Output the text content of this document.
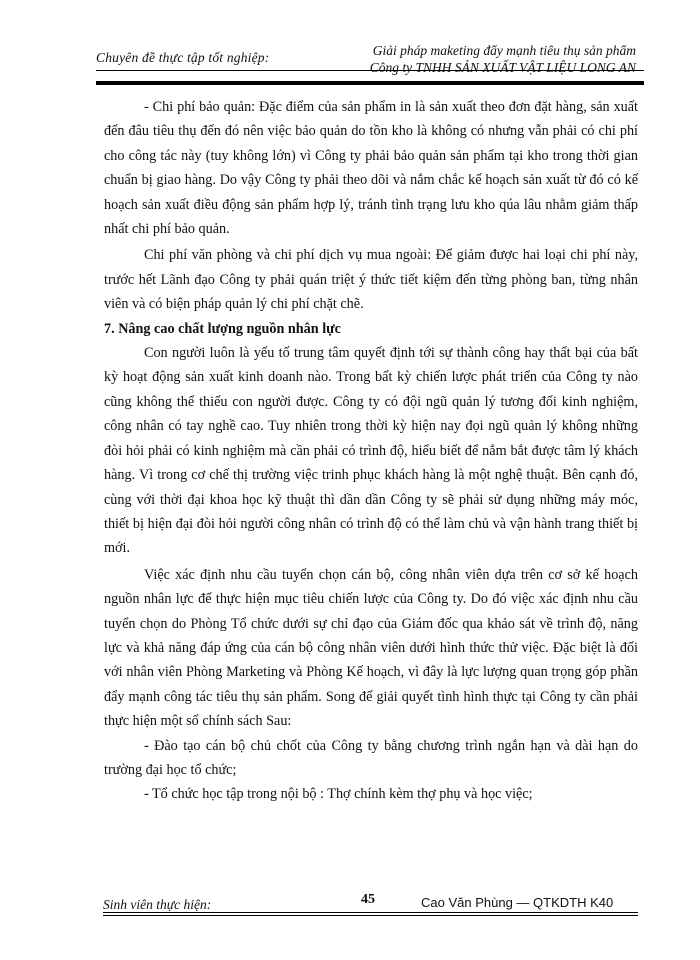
Chuyên đề thực tập tốt nghiệp:	Giải pháp maketing đẩy mạnh tiêu thụ sản phẩm
Công ty TNHH SẢN XUẤT VẬT LIỆU LONG AN

- Chi phí bảo quản: Đặc điểm của sản phẩm in là sản xuất theo đơn đặt hàng, sản xuất đến đâu tiêu thụ đến đó nên việc bảo quản do tồn kho là không có nhưng vẫn phải có chi phí cho công tác này (tuy không lớn) vì Công ty phải bảo quản sản phẩm tại kho trong thời gian chuẩn bị giao hàng. Do vậy Công ty phải theo dõi và nắm chắc kế hoạch sản xuất từ đó có kế hoạch sản xuất điều động sản phẩm hợp lý, tránh tình trạng lưu kho qúa lâu nhằm giảm thấp nhất chi phí bảo quản.

Chi phí văn phòng và chi phí dịch vụ mua ngoài: Để giảm được hai loại chi phí này, trước hết Lãnh đạo Công ty phải quán triệt ý thức tiết kiệm đến từng phòng ban, từng nhân viên và có biện pháp quản lý chi phí chặt chẽ.

7. Nâng cao chất lượng nguồn nhân lực

Con người luôn là yếu tố trung tâm quyết định tới sự thành công hay thất bại của bất kỳ hoạt động sản xuất kinh doanh nào. Trong bất kỳ chiến lược phát triển của Công ty nào cũng không thể thiếu con người được. Công ty có đội ngũ quản lý tương đối kinh nghiệm, công nhân có tay nghề cao. Tuy nhiên trong thời kỳ hiện nay đọi ngũ quản lý không những đòi hỏi phải có kinh nghiệm mà cần phải có trình độ, hiểu biết để nắm bắt được tâm lý khách hàng. Vì trong cơ chế thị trường việc trinh phục khách hàng là một nghệ thuật. Bên cạnh đó, cùng với thời đại khoa học kỹ thuật thì dần dần Công ty sẽ phải sử dụng những máy móc, thiết bị hiện đại đòi hỏi người công nhân có trình độ có thể làm chủ và vận hành trang thiết bị mới.

Việc xác định nhu cầu tuyển chọn cán bộ, công nhân viên dựa trên cơ sở kế hoạch nguồn nhân lực để thực hiện mục tiêu chiến lược của Công ty. Do đó việc xác định nhu cầu tuyển chọn do Phòng Tổ chức dưới sự chỉ đạo của Giám đốc qua khảo sát về trình độ, năng lực và khả năng đáp ứng của cán bộ công nhân viên dưới hình thức thử việc. Đặc biệt là đối với nhân viên Phòng Marketing và Phòng Kế hoạch, vì đây là lực lượng quan trọng góp phần đẩy mạnh công tác tiêu thụ sản phẩm. Song để giải quyết tình hình thực tại Công ty cần phải thực hiện một số chính sách Sau:

- Đào tạo cán bộ chủ chốt của Công ty bằng chương trình ngắn hạn và dài hạn do trường đại học tổ chức;

- Tổ chức học tập trong nội bộ : Thợ chính kèm thợ phụ và học việc;

Sinh viên thực hiện:	45	Cao Văn Phùng — QTKDTH K40
